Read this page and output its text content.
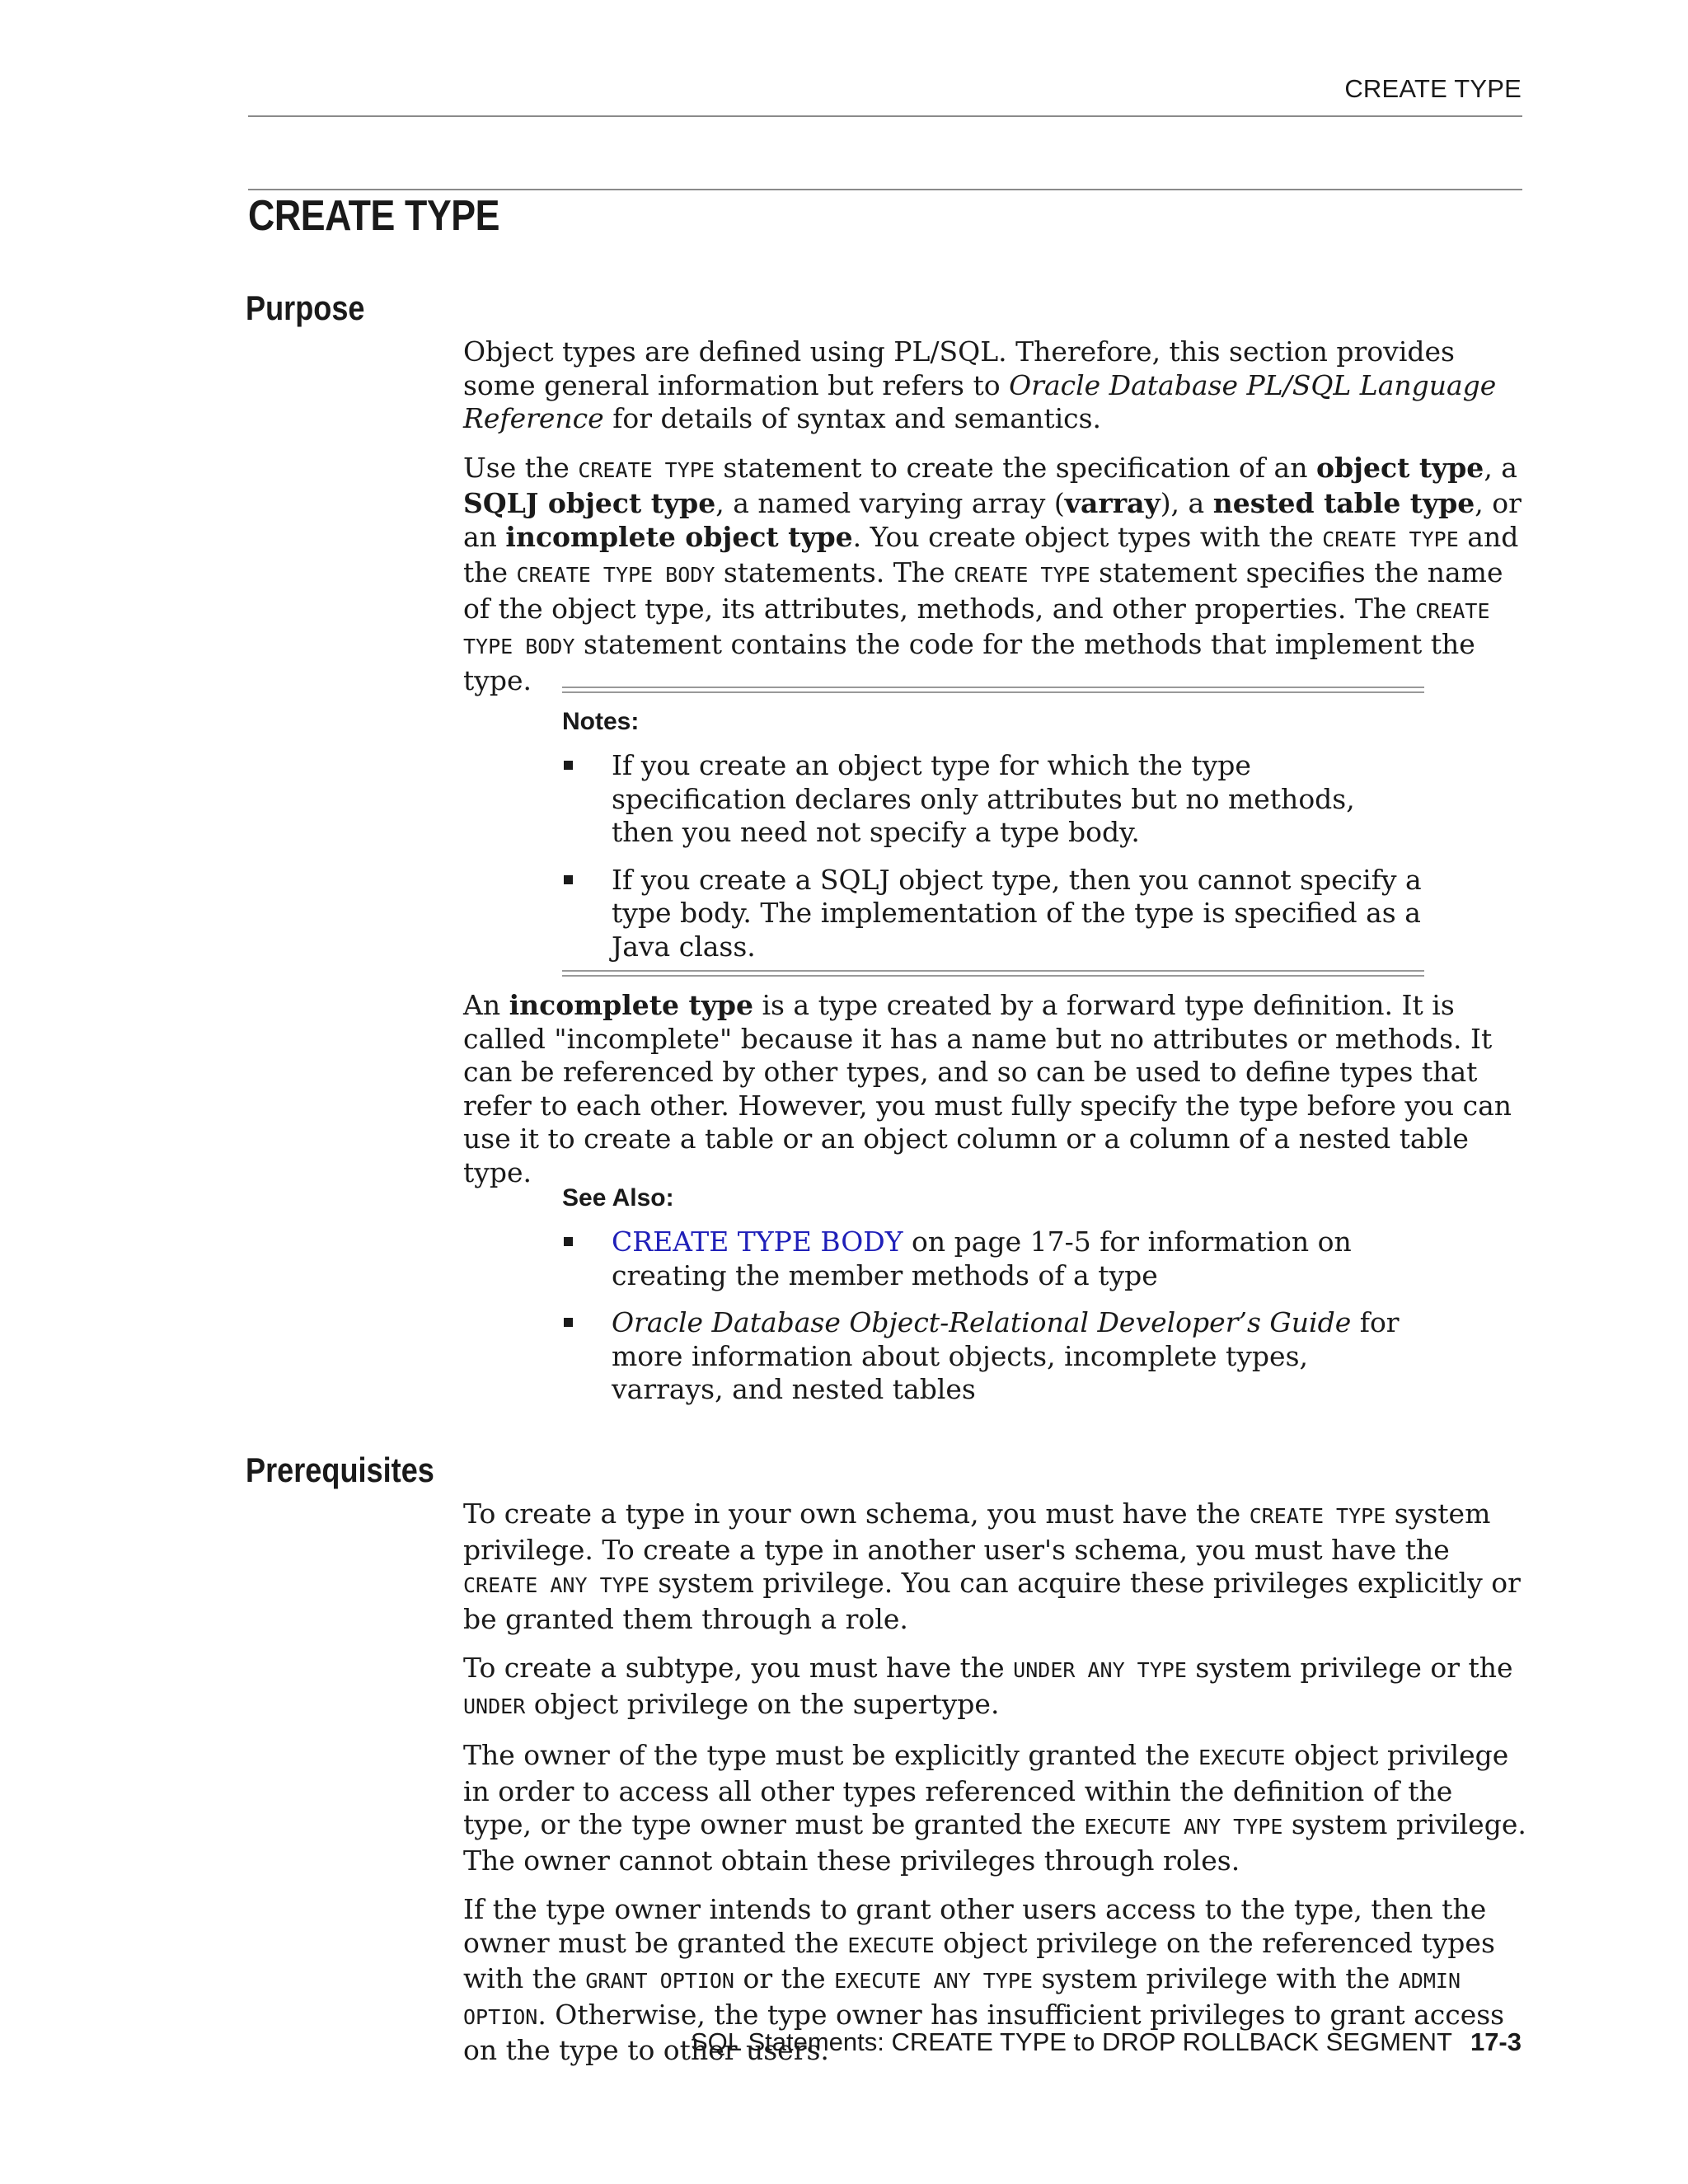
CREATE TYPE
CREATE TYPE
Purpose

Object types are defined using PL/SQL. Therefore, this section provides some general information but refers to Oracle Database PL/SQL Language Reference for details of syntax and semantics.

Use the CREATE TYPE statement to create the specification of an object type, a SQLJ object type, a named varying array (varray), a nested table type, or an incomplete object type. You create object types with the CREATE TYPE and the CREATE TYPE BODY statements. The CREATE TYPE statement specifies the name of the object type, its attributes, methods, and other properties. The CREATE TYPE BODY statement contains the code for the methods that implement the type.

Notes:
If you create an object type for which the type specification declares only attributes but no methods, then you need not specify a type body.
If you create a SQLJ object type, then you cannot specify a type body. The implementation of the type is specified as a Java class.

An incomplete type is a type created by a forward type definition. It is called "incomplete" because it has a name but no attributes or methods. It can be referenced by other types, and so can be used to define types that refer to each other. However, you must fully specify the type before you can use it to create a table or an object column or a column of a nested table type.

See Also:
CREATE TYPE BODY on page 17-5 for information on creating the member methods of a type
Oracle Database Object-Relational Developer’s Guide for more information about objects, incomplete types, varrays, and nested tables
Prerequisites

To create a type in your own schema, you must have the CREATE TYPE system privilege. To create a type in another user's schema, you must have the CREATE ANY TYPE system privilege. You can acquire these privileges explicitly or be granted them through a role.

To create a subtype, you must have the UNDER ANY TYPE system privilege or the UNDER object privilege on the supertype.

The owner of the type must be explicitly granted the EXECUTE object privilege in order to access all other types referenced within the definition of the type, or the type owner must be granted the EXECUTE ANY TYPE system privilege. The owner cannot obtain these privileges through roles.

If the type owner intends to grant other users access to the type, then the owner must be granted the EXECUTE object privilege on the referenced types with the GRANT OPTION or the EXECUTE ANY TYPE system privilege with the ADMIN OPTION. Otherwise, the type owner has insufficient privileges to grant access on the type to other users.

SQL Statements: CREATE TYPE to DROP ROLLBACK SEGMENT 17-3
